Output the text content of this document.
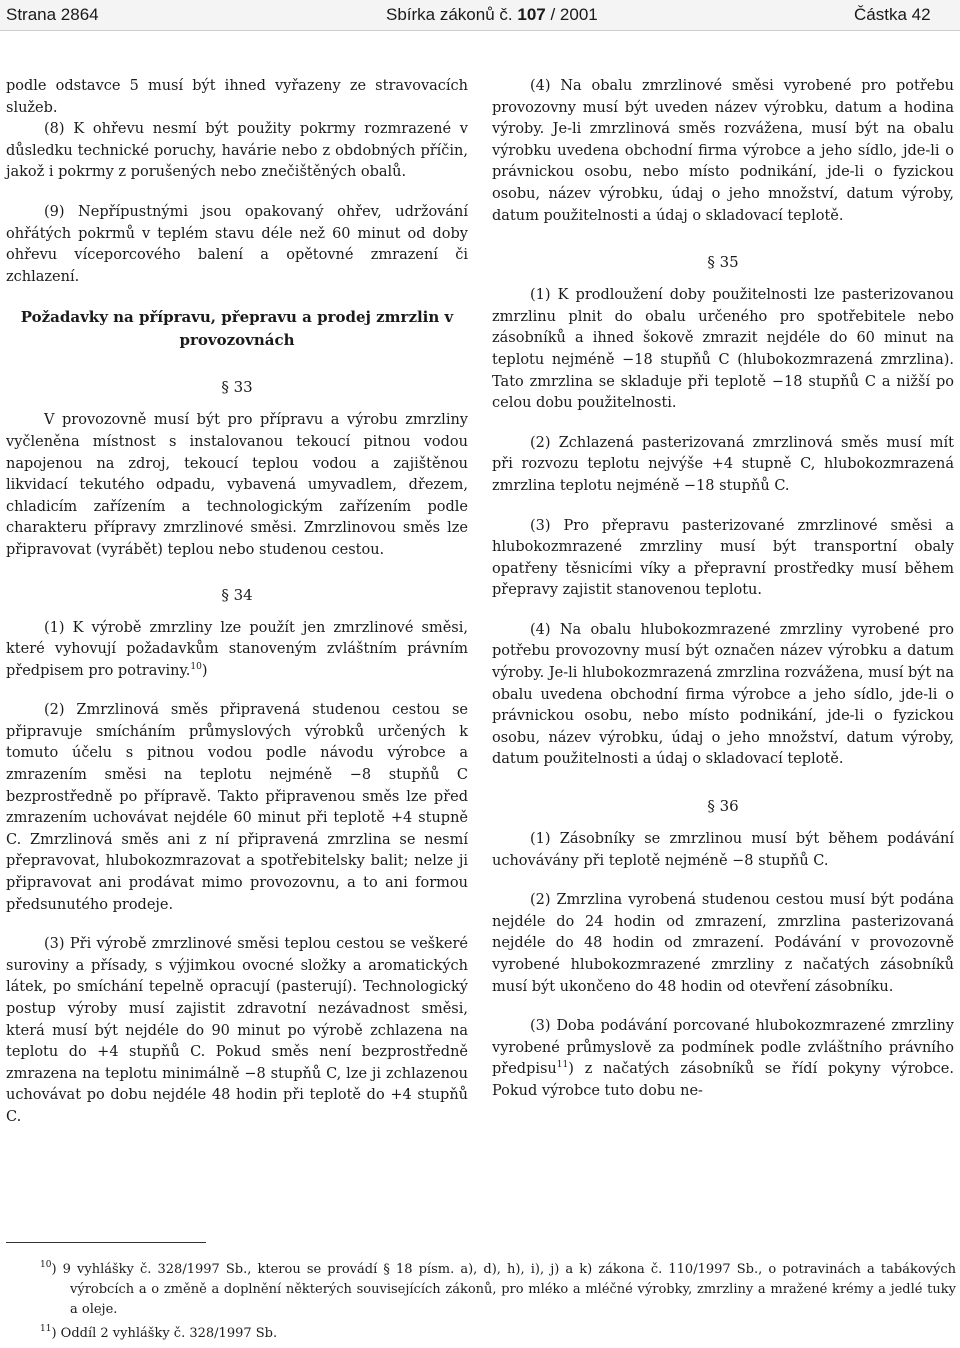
Strana 2864	Sbírka zákonů č. 107 / 2001	Částka 42

podle odstavce 5 musí být ihned vyřazeny ze stravovacích služeb.

(8) K ohřevu nesmí být použity pokrmy rozmrazené v důsledku technické poruchy, havárie nebo z obdobných příčin, jakož i pokrmy z porušených nebo znečištěných obalů.

(9) Nepřípustnými jsou opakovaný ohřev, udržování ohřátých pokrmů v teplém stavu déle než 60 minut od doby ohřevu víceporcového balení a opětovné zmrazení či zchlazení.

Požadavky na přípravu, přepravu a prodej zmrzlin v provozovnách

§ 33

V provozovně musí být pro přípravu a výrobu zmrzliny vyčleněna místnost s instalovanou tekoucí pitnou vodou napojenou na zdroj, tekoucí teplou vodou a zajištěnou likvidací tekutého odpadu, vybavená umyvadlem, dřezem, chladicím zařízením a technologickým zařízením podle charakteru přípravy zmrzlinové směsi. Zmrzlinovou směs lze připravovat (vyrábět) teplou nebo studenou cestou.

§ 34

(1) K výrobě zmrzliny lze použít jen zmrzlinové směsi, které vyhovují požadavkům stanoveným zvláštním právním předpisem pro potraviny.$^{10}$)

(2) Zmrzlinová směs připravená studenou cestou se připravuje smícháním průmyslových výrobků určených k tomuto účelu s pitnou vodou podle návodu výrobce a zmrazením směsi na teplotu nejméně −8 stupňů C bezprostředně po přípravě. Takto připravenou směs lze před zmrazením uchovávat nejdéle 60 minut při teplotě +4 stupně C. Zmrzlinová směs ani z ní připravená zmrzlina se nesmí přepravovat, hlubokozmrazovat a spotřebitelsky balit; nelze ji připravovat ani prodávat mimo provozovnu, a to ani formou předsunutého prodeje.

(3) Při výrobě zmrzlinové směsi teplou cestou se veškeré suroviny a přísady, s výjimkou ovocné složky a aromatických látek, po smíchání tepelně opracují (pasterují). Technologický postup výroby musí zajistit zdravotní nezávadnost směsi, která musí být nejdéle do 90 minut po výrobě zchlazena na teplotu do +4 stupňů C. Pokud směs není bezprostředně zmrazena na teplotu minimálně −8 stupňů C, lze ji zchlazenou uchovávat po dobu nejdéle 48 hodin při teplotě do +4 stupňů C.

(4) Na obalu zmrzlinové směsi vyrobené pro potřebu provozovny musí být uveden název výrobku, datum a hodina výroby. Je-li zmrzlinová směs rozvážena, musí být na obalu výrobku uvedena obchodní firma výrobce a jeho sídlo, jde-li o právnickou osobu, nebo místo podnikání, jde-li o fyzickou osobu, název výrobku, údaj o jeho množství, datum výroby, datum použitelnosti a údaj o skladovací teplotě.

§ 35

(1) K prodloužení doby použitelnosti lze pasterizovanou zmrzlinu plnit do obalu určeného pro spotřebitele nebo zásobníků a ihned šokově zmrazit nejdéle do 60 minut na teplotu nejméně −18 stupňů C (hlubokozmrazená zmrzlina). Tato zmrzlina se skladuje při teplotě −18 stupňů C a nižší po celou dobu použitelnosti.

(2) Zchlazená pasterizovaná zmrzlinová směs musí mít při rozvozu teplotu nejvýše +4 stupně C, hlubokozmrazená zmrzlina teplotu nejméně −18 stupňů C.

(3) Pro přepravu pasterizované zmrzlinové směsi a hlubokozmrazené zmrzliny musí být transportní obaly opatřeny těsnicími víky a přepravní prostředky musí během přepravy zajistit stanovenou teplotu.

(4) Na obalu hlubokozmrazené zmrzliny vyrobené pro potřebu provozovny musí být označen název výrobku a datum výroby. Je-li hlubokozmrazená zmrzlina rozvážena, musí být na obalu uvedena obchodní firma výrobce a jeho sídlo, jde-li o právnickou osobu, nebo místo podnikání, jde-li o fyzickou osobu, název výrobku, údaj o jeho množství, datum výroby, datum použitelnosti a údaj o skladovací teplotě.

§ 36

(1) Zásobníky se zmrzlinou musí být během podávání uchovávány při teplotě nejméně −8 stupňů C.

(2) Zmrzlina vyrobená studenou cestou musí být podána nejdéle do 24 hodin od zmrazení, zmrzlina pasterizovaná nejdéle do 48 hodin od zmrazení. Podávání v provozovně vyrobené hlubokozmrazené zmrzliny z načatých zásobníků musí být ukončeno do 48 hodin od otevření zásobníku.

(3) Doba podávání porcované hlubokozmrazené zmrzliny vyrobené průmyslově za podmínek podle zvláštního právního předpisu$^{11}$) z načatých zásobníků se řídí pokyny výrobce. Pokud výrobce tuto dobu ne-

$^{10}$) 9 vyhlášky č. 328/1997 Sb., kterou se provádí § 18 písm. a), d), h), i), j) a k) zákona č. 110/1997 Sb., o potravinách a tabákových výrobcích a o změně a doplnění některých souvisejících zákonů, pro mléko a mléčné výrobky, zmrzliny a mražené krémy a jedlé tuky a oleje.

$^{11}$) Oddíl 2 vyhlášky č. 328/1997 Sb.
